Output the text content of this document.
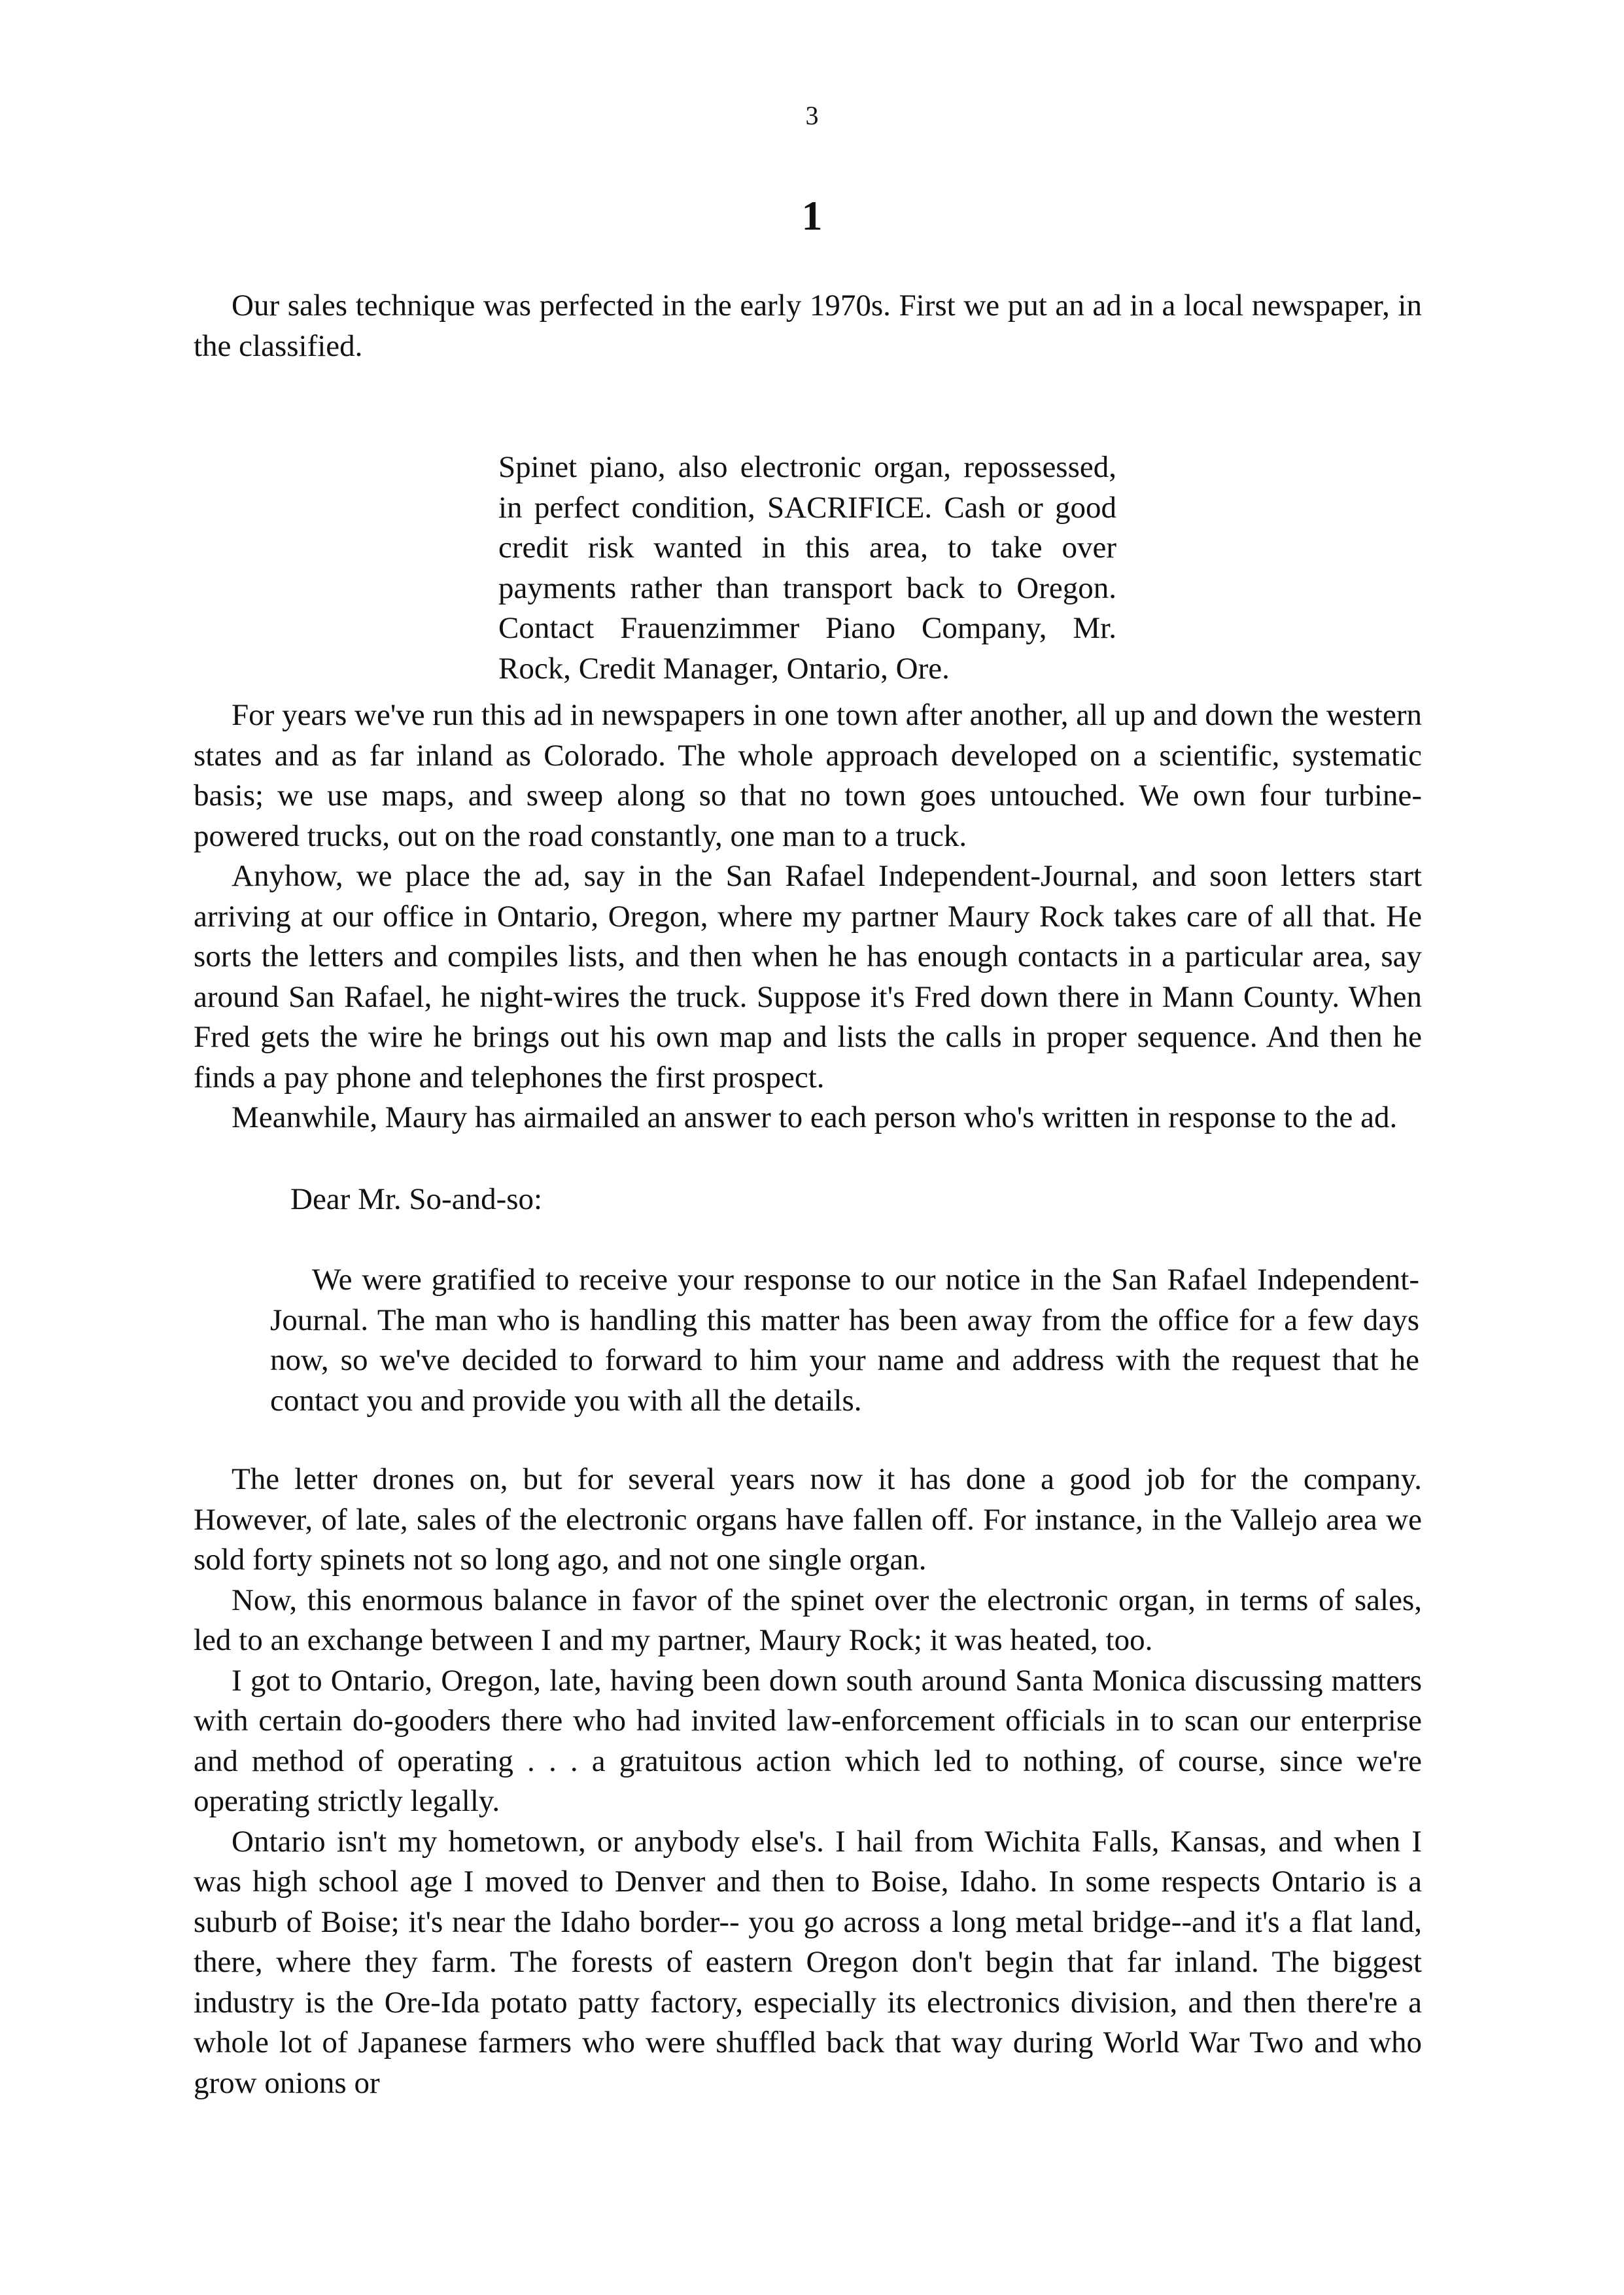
3
1

Our sales technique was perfected in the early 1970s. First we put an ad in a local newspaper, in the classified.

Spinet piano, also electronic organ, repossessed, in perfect condition, SACRIFICE. Cash or good credit risk wanted in this area, to take over payments rather than transport back to Oregon. Contact Frauenzimmer Piano Company, Mr. Rock, Credit Manager, Ontario, Ore.

For years we've run this ad in newspapers in one town after another, all up and down the western states and as far inland as Colorado. The whole approach developed on a scientific, systematic basis; we use maps, and sweep along so that no town goes untouched. We own four turbine-powered trucks, out on the road constantly, one man to a truck.

Anyhow, we place the ad, say in the San Rafael Independent-Journal, and soon letters start arriving at our office in Ontario, Oregon, where my partner Maury Rock takes care of all that. He sorts the letters and compiles lists, and then when he has enough contacts in a particular area, say around San Rafael, he night-wires the truck. Suppose it's Fred down there in Mann County. When Fred gets the wire he brings out his own map and lists the calls in proper sequence. And then he finds a pay phone and telephones the first prospect.

Meanwhile, Maury has airmailed an answer to each person who's written in response to the ad.

Dear Mr. So-and-so:

We were gratified to receive your response to our notice in the San Rafael Independent-Journal. The man who is handling this matter has been away from the office for a few days now, so we've decided to forward to him your name and address with the request that he contact you and provide you with all the details.

The letter drones on, but for several years now it has done a good job for the company. However, of late, sales of the electronic organs have fallen off. For instance, in the Vallejo area we sold forty spinets not so long ago, and not one single organ.

Now, this enormous balance in favor of the spinet over the electronic organ, in terms of sales, led to an exchange between I and my partner, Maury Rock; it was heated, too.

I got to Ontario, Oregon, late, having been down south around Santa Monica discussing matters with certain do-gooders there who had invited law-enforcement officials in to scan our enterprise and method of operating . . . a gratuitous action which led to nothing, of course, since we're operating strictly legally.

Ontario isn't my hometown, or anybody else's. I hail from Wichita Falls, Kansas, and when I was high school age I moved to Denver and then to Boise, Idaho. In some respects Ontario is a suburb of Boise; it's near the Idaho border-- you go across a long metal bridge--and it's a flat land, there, where they farm. The forests of eastern Oregon don't begin that far inland. The biggest industry is the Ore-Ida potato patty factory, especially its electronics division, and then there're a whole lot of Japanese farmers who were shuffled back that way during World War Two and who grow onions or
